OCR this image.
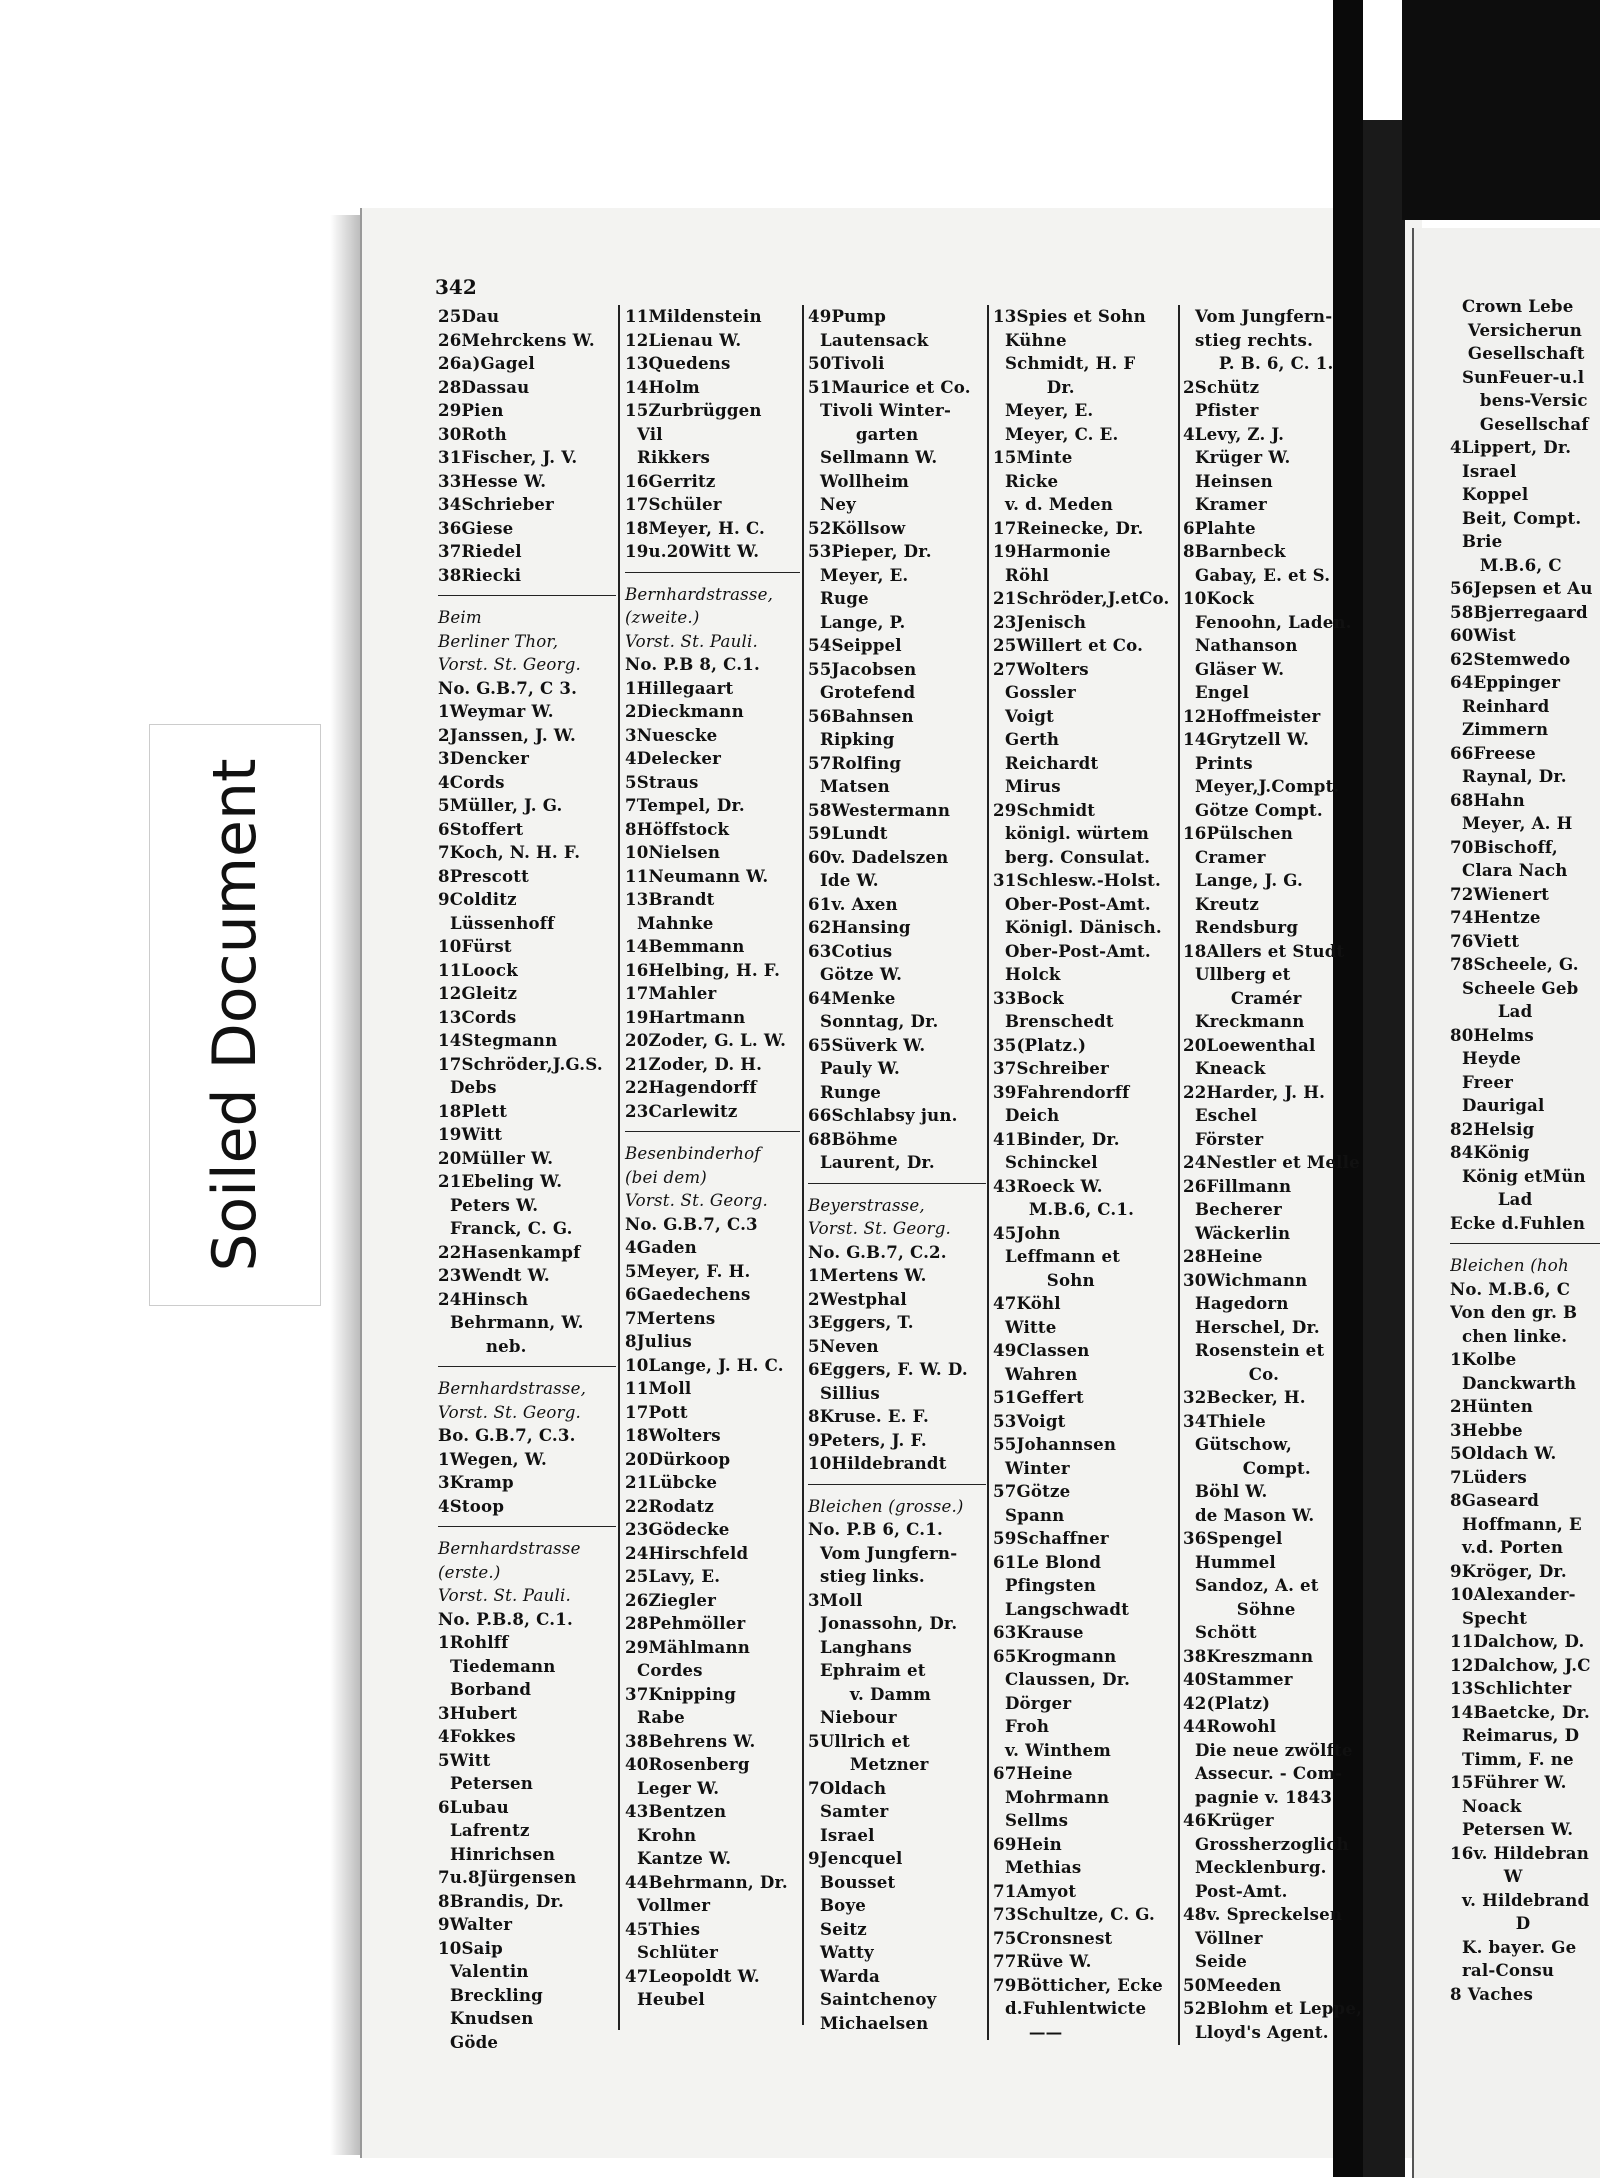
342
25Dau
26Mehrckens W.
26a)Gagel
28Dassau
29Pien
30Roth
31Fischer, J. V.
33Hesse W.
34Schrieber
36Giese
37Riedel
38Riecki
Beim
Berliner Thor,
Vorst. St. Georg.
No. G.B.7, C 3.
1Weymar W.
2Janssen, J. W.
3Dencker
4Cords
5Müller, J. G.
6Stoffert
7Koch, N. H. F.
8Prescott
9Colditz
Lüssenhoff
10Fürst
11Loock
12Gleitz
13Cords
14Stegmann
17Schröder,J.G.S.
Debs
18Plett
19Witt
20Müller W.
21Ebeling W.
Peters W.
Franck, C. G.
22Hasenkampf
23Wendt W.
24Hinsch
Behrmann, W.
neb.
Bernhardstrasse,
Vorst. St. Georg.
Bo. G.B.7, C.3.
1Wegen, W.
3Kramp
4Stoop
Bernhardstrasse
(erste.)
Vorst. St. Pauli.
No. P.B.8, C.1.
1Rohlff
Tiedemann
Borband
3Hubert
4Fokkes
5Witt
Petersen
6Lubau
Lafrentz
Hinrichsen
7u.8Jürgensen
8Brandis, Dr.
9Walter
10Saip
Valentin
Breckling
Knudsen
Göde
11Mildenstein
12Lienau W.
13Quedens
14Holm
15Zurbrüggen
Vil
Rikkers
16Gerritz
17Schüler
18Meyer, H. C.
19u.20Witt W.
Bernhardstrasse,
(zweite.)
Vorst. St. Pauli.
No. P.B 8, C.1.
1Hillegaart
2Dieckmann
3Nuescke
4Delecker
5Straus
7Tempel, Dr.
8Höffstock
10Nielsen
11Neumann W.
13Brandt
Mahnke
14Bemmann
16Helbing, H. F.
17Mahler
19Hartmann
20Zoder, G. L. W.
21Zoder, D. H.
22Hagendorff
23Carlewitz
Besenbinderhof
(bei dem)
Vorst. St. Georg.
No. G.B.7, C.3
4Gaden
5Meyer, F. H.
6Gaedechens
7Mertens
8Julius
10Lange, J. H. C.
11Moll
17Pott
18Wolters
20Dürkoop
21Lübcke
22Rodatz
23Gödecke
24Hirschfeld
25Lavy, E.
26Ziegler
28Pehmöller
29Mählmann
Cordes
37Knipping
Rabe
38Behrens W.
40Rosenberg
Leger W.
43Bentzen
Krohn
Kantze W.
44Behrmann, Dr.
Vollmer
45Thies
Schlüter
47Leopoldt W.
Heubel
49Pump
Lautensack
50Tivoli
51Maurice et Co.
Tivoli Winter-
garten
Sellmann W.
Wollheim
Ney
52Köllsow
53Pieper, Dr.
Meyer, E.
Ruge
Lange, P.
54Seippel
55Jacobsen
Grotefend
56Bahnsen
Ripking
57Rolfing
Matsen
58Westermann
59Lundt
60v. Dadelszen
Ide W.
61v. Axen
62Hansing
63Cotius
Götze W.
64Menke
Sonntag, Dr.
65Süverk W.
Pauly W.
Runge
66Schlabsy jun.
68Böhme
Laurent, Dr.
Beyerstrasse,
Vorst. St. Georg.
No. G.B.7, C.2.
1Mertens W.
2Westphal
3Eggers, T.
5Neven
6Eggers, F. W. D.
Sillius
8Kruse. E. F.
9Peters, J. F.
10Hildebrandt
Bleichen (grosse.)
No. P.B 6, C.1.
Vom Jungfern-
stieg links.
3Moll
Jonassohn, Dr.
Langhans
Ephraim et
v. Damm
Niebour
5Ullrich et
Metzner
7Oldach
Samter
Israel
9Jencquel
Bousset
Boye
Seitz
Watty
Warda
Saintchenoy
Michaelsen
13Spies et Sohn
Kühne
Schmidt, H. F
Dr.
Meyer, E.
Meyer, C. E.
15Minte
Ricke
v. d. Meden
17Reinecke, Dr.
19Harmonie
Röhl
21Schröder,J.etCo.
23Jenisch
25Willert et Co.
27Wolters
Gossler
Voigt
Gerth
Reichardt
Mirus
29Schmidt
königl. würtem
berg. Consulat.
31Schlesw.-Holst.
Ober-Post-Amt.
Königl. Dänisch.
Ober-Post-Amt.
Holck
33Bock
Brenschedt
35(Platz.)
37Schreiber
39Fahrendorff
Deich
41Binder, Dr.
Schinckel
43Roeck W.
M.B.6, C.1.
45John
Leffmann et
Sohn
47Köhl
Witte
49Classen
Wahren
51Geffert
53Voigt
55Johannsen
Winter
57Götze
Spann
59Schaffner
61Le Blond
Pfingsten
Langschwadt
63Krause
65Krogmann
Claussen, Dr.
Dörger
Froh
v. Winthem
67Heine
Mohrmann
Sellms
69Hein
Methias
71Amyot
73Schultze, C. G.
75Cronsnest
77Rüve W.
79Bötticher, Ecke
d.Fuhlentwicte
——
Vom Jungfern-
stieg rechts.
P. B. 6, C. 1.
2Schütz
Pfister
4Levy, Z. J.
Krüger W.
Heinsen
Kramer
6Plahte
8Barnbeck
Gabay, E. et S.
10Kock
Fenoohn, Laden.
Nathanson
Gläser W.
Engel
12Hoffmeister
14Grytzell W.
Prints
Meyer,J.Compt.
Götze Compt.
16Pülschen
Cramer
Lange, J. G.
Kreutz
Rendsburg
18Allers et Studt
Ullberg et
Cramér
Kreckmann
20Loewenthal
Kneack
22Harder, J. H.
Eschel
Förster
24Nestler et Melle
26Fillmann
Becherer
Wäckerlin
28Heine
30Wichmann
Hagedorn
Herschel, Dr.
Rosenstein et
Co.
32Becker, H.
34Thiele
Gütschow,
Compt.
Böhl W.
de Mason W.
36Spengel
Hummel
Sandoz, A. et
Söhne
Schött
38Kreszmann
40Stammer
42(Platz)
44Rowohl
Die neue zwölfte
Assecur. - Com-
pagnie v. 1843
46Krüger
Grossherzoglich
Mecklenburg.
Post-Amt.
48v. Spreckelsen
Völlner
Seide
50Meeden
52Blohm et Leppe,
Lloyd's Agent.
Crown Lebe
Versicherun
Gesellschaft
SunFeuer-u.l
bens-Versic
Gesellschaf
4Lippert, Dr.
Israel
Koppel
Beit, Compt.
Brie
M.B.6, C
56Jepsen et Au
58Bjerregaard
60Wist
62Stemwedo
64Eppinger
Reinhard
Zimmern
66Freese
Raynal, Dr.
68Hahn
Meyer, A. H
70Bischoff,
Clara Nach
72Wienert
74Hentze
76Viett
78Scheele, G.
Scheele Geb
Lad
80Helms
Heyde
Freer
Daurigal
82Helsig
84König
König etMün
Lad
Ecke d.Fuhlen
Bleichen (hoh
No. M.B.6, C
Von den gr. B
chen linke.
1Kolbe
Danckwarth
2Hünten
3Hebbe
5Oldach W.
7Lüders
8Gaseard
Hoffmann, E
v.d. Porten
9Kröger, Dr.
10Alexander-
Specht
11Dalchow, D.
12Dalchow, J.C
13Schlichter
14Baetcke, Dr.
Reimarus, D
Timm, F. ne
15Führer W.
Noack
Petersen W.
16v. Hildebran
W
v. Hildebrand
D
K. bayer. Ge
ral-Consu
8 Vaches
Soiled Document
